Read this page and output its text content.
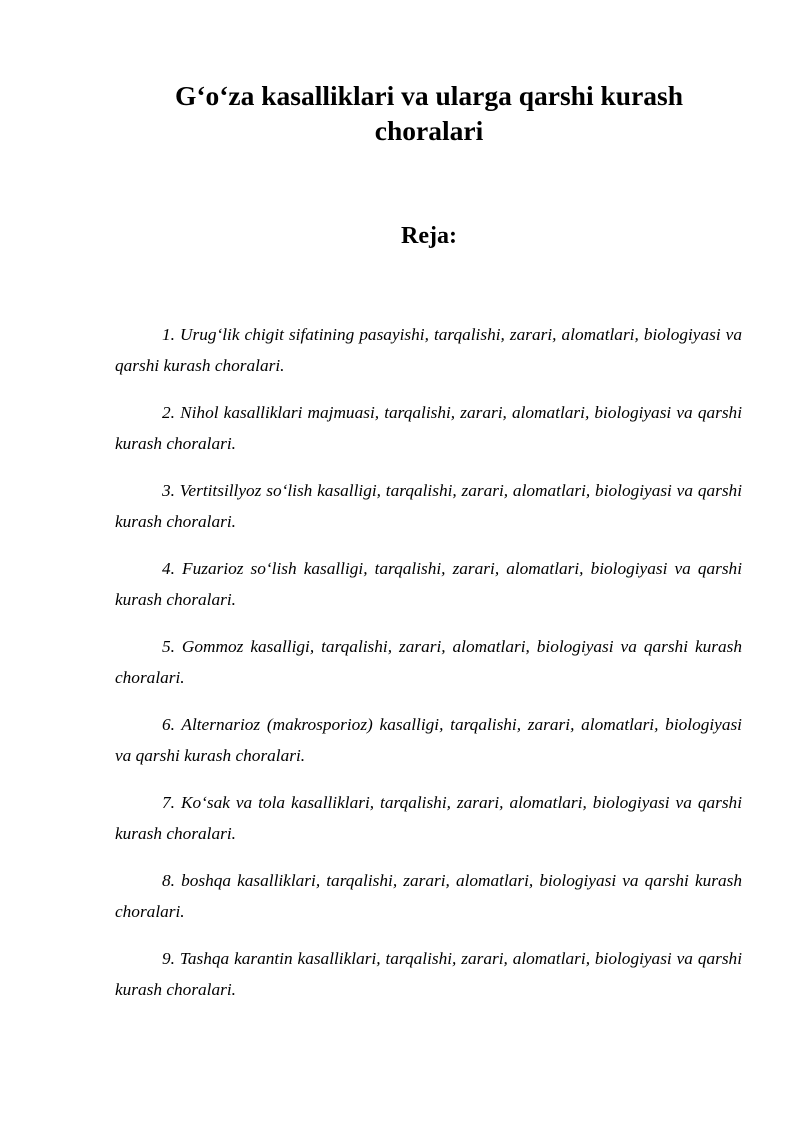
G‘o‘za kasalliklari va ularga qarshi kurash choralari
Reja:
1. Urug‘lik chigit sifatining pasayishi, tarqalishi, zarari, alomatlari, biologiyasi va qarshi kurash choralari.
2. Nihol kasalliklari majmuasi, tarqalishi, zarari, alomatlari, biologiyasi va qarshi kurash choralari.
3. Vertitsillyoz so‘lish kasalligi, tarqalishi, zarari, alomatlari, biologiyasi va qarshi kurash choralari.
4. Fuzarioz so‘lish kasalligi, tarqalishi, zarari, alomatlari, biologiyasi va qarshi kurash choralari.
5. Gommoz kasalligi, tarqalishi, zarari, alomatlari, biologiyasi va qarshi kurash choralari.
6. Alternarioz (makrosporioz) kasalligi, tarqalishi, zarari, alomatlari, biologiyasi va qarshi kurash choralari.
7. Ko‘sak va tola kasalliklari, tarqalishi, zarari, alomatlari, biologiyasi va qarshi kurash choralari.
8. boshqa kasalliklari, tarqalishi, zarari, alomatlari, biologiyasi va qarshi kurash choralari.
9. Tashqa karantin kasalliklari, tarqalishi, zarari, alomatlari, biologiyasi va qarshi kurash choralari.
